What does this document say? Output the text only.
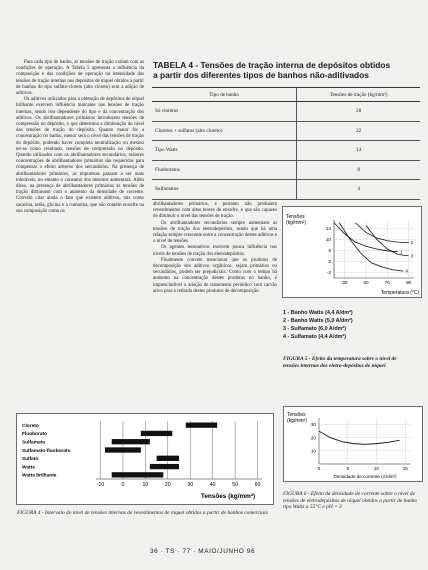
Para cada tipo de banho, as tensões de tração variam com as condições de operação. A Tabela 5 apresenta a influência da composição e das condições de operação na intensidade das tensões de tração internas nos depósitos de níquel obtidos a partir de banhos do tipo sulfato-cloreto (alto cloreto) sem a adição de aditivos.

Os aditivos utilizados para a obtenção de depósitos de níquel brilhante exercem influência marcante nas tensões de tração internas, sendo isto dependente do tipo e da concentração dos aditivos. Os abrilhantadores primários introduzem tensões de compressão no depósito, o que determina a diminuição do nível das tensões de tração do depósito. Quanto maior for a concentração no banho, menor será o nível das tensões de tração do depósito, podendo haver completa neutralização ou mesmo ter-se como resultado, tensões de compressão no depósito. Quando utilizados com os abrilhantadores secundários, maiores concentrações de abrilhantadores primários são requeridas para compensar o efeito adverso dos secundários. Na presença de abrilhantadores primários, as impurezas passam a ser mais toleráveis, no entanto o consumo dos mesmos aumentará. Além disso, na presença de abrilhantadores primários as tensões de tração diminuem com o aumento da densidade de corrente. Convém citar ainda o fato que existem aditivos, tais como sacarina, uréia, glicina e a cumarina, que não contém enxofre na sua composição como os

TABELA 4 - Tensões de tração interna de depósitos obtidos
a partir dos diferentes tipos de banhos não-aditivados
Tipo de banho	Tensões de tração (kg/mm²)
Só cloretos	28
Cloretos + sulfatos (alto cloreto)	22
Tipo Watts	14
Fluoboratos	8
Sulfamatos	4

abrilhantadores primários, e portanto não produzem revestimentos com altos teores de enxofre, e que são capazes de diminuir o nível das tensões de tração.

Os abrilhantadores secundários sempre aumentam as tensões de tração dos eletrodepósitos, sendo que há uma relação sempre crescente entre a concentração destes aditivos e o nível de tensões.

Os agentes tensoativos exercem pouca influência nos níveis de tensões de tração dos eletrodepósitos.

Finalmente convém mencionar que os produtos de decomposição dos aditivos orgânicos, sejam primários ou secundários, podem ser prejudiciais. Como com o tempo há aumento na concentração destes produtos no banho, é imprescindível a adoção de tratamento periódico com carvão ativo para a retirada destes produtos de decomposição.

Tensões
(kg/mm²)
Temperatura (°C)
14
10
6
2
-2
30	50	70	90
1
2
3
4
1 - Banho Watts (4,4 A/dm²)
2 - Banho Watts (5,0 A/dm²)
3 - Sulfamato (6,0 A/dm²)
4 - Sulfamato (4,4 A/dm²)
FIGURA 5 - Efeito da temperatura sobre o nível de tensões internas dos eletro-depósitos de níquel
Tensões
(kg/mm²)
Densidade de corrente (A/dm²)
30
20
10
0	5	10	15
FIGURA 6 - Efeito da densidade de corrente sobre o nível de tensões de eletrodepósitos de níquel obtidos a partir de banho tipo Watts a 55°C e pH = 3
Tensões (kg/mm²)
-10	0	10	20	30	40	50	60
Cloreto
Fluoborato
Sulfamato
Sulfamato-fluoborato
Sulfato
Watts
Watts brilhante
FIGURA 4 - Intervalo do nível de tensões internas de revestimentos de níquel obtidos a partir de banhos comerciais
36 · TS · 77 · MAIO/JUNHO 96
